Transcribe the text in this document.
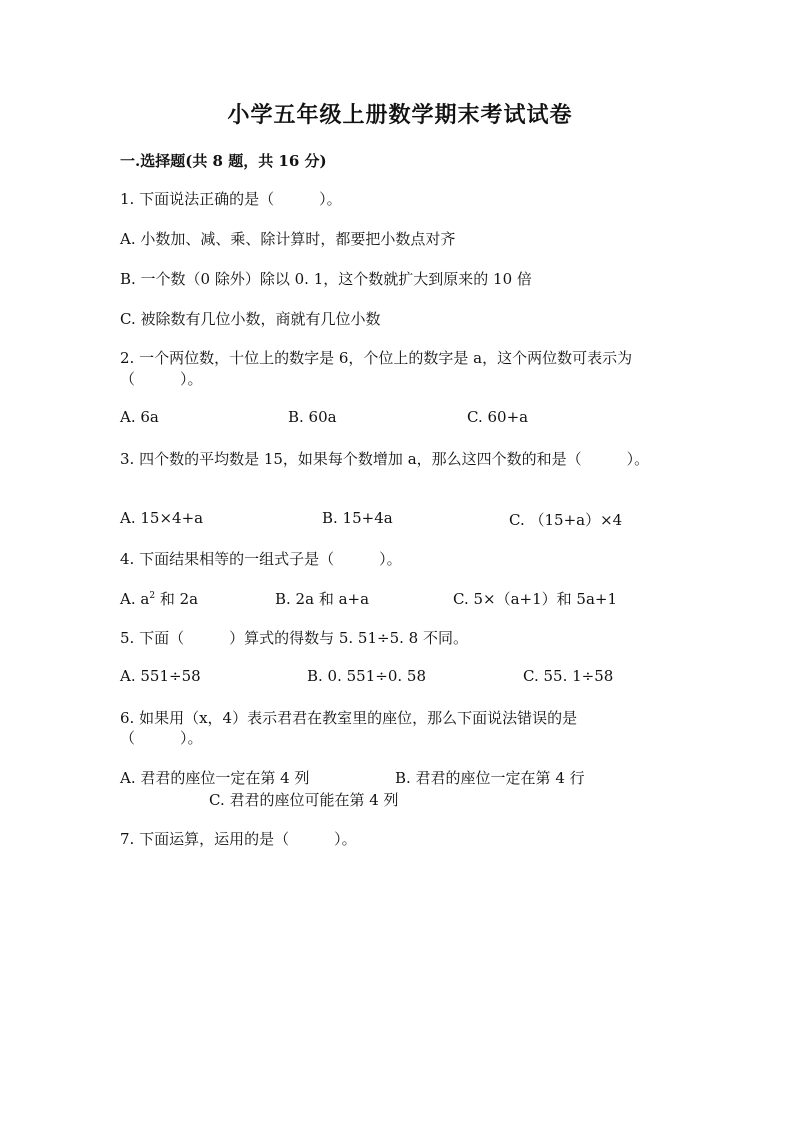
小学五年级上册数学期末考试试卷
一.选择题(共 8 题，共 16 分)
1. 下面说法正确的是（　　　）。
A. 小数加、减、乘、除计算时，都要把小数点对齐
B. 一个数（0 除外）除以 0. 1，这个数就扩大到原来的 10 倍
C. 被除数有几位小数，商就有几位小数
2. 一个两位数，十位上的数字是 6，个位上的数字是 a，这个两位数可表示为
（　　　）。
A. 6a	B. 60a	C. 60+a
3. 四个数的平均数是 15，如果每个数增加 a，那么这四个数的和是（　　　）。
A. 15×4+a	B. 15+4a	C. （15+a）×4
4. 下面结果相等的一组式子是（　　　）。
A. $a^2$ 和 2a	B. 2a 和 a+a	C. 5×（a+1）和 5a+1
5. 下面（　　　）算式的得数与 5. 51÷5. 8 不同。
A. 551÷58	B. 0. 551÷0. 58	C. 55. 1÷58
6. 如果用（x，4）表示君君在教室里的座位，那么下面说法错误的是
（　　　）。
A. 君君的座位一定在第 4 列	B. 君君的座位一定在第 4 行
C. 君君的座位可能在第 4 列
7. 下面运算，运用的是（　　　）。
